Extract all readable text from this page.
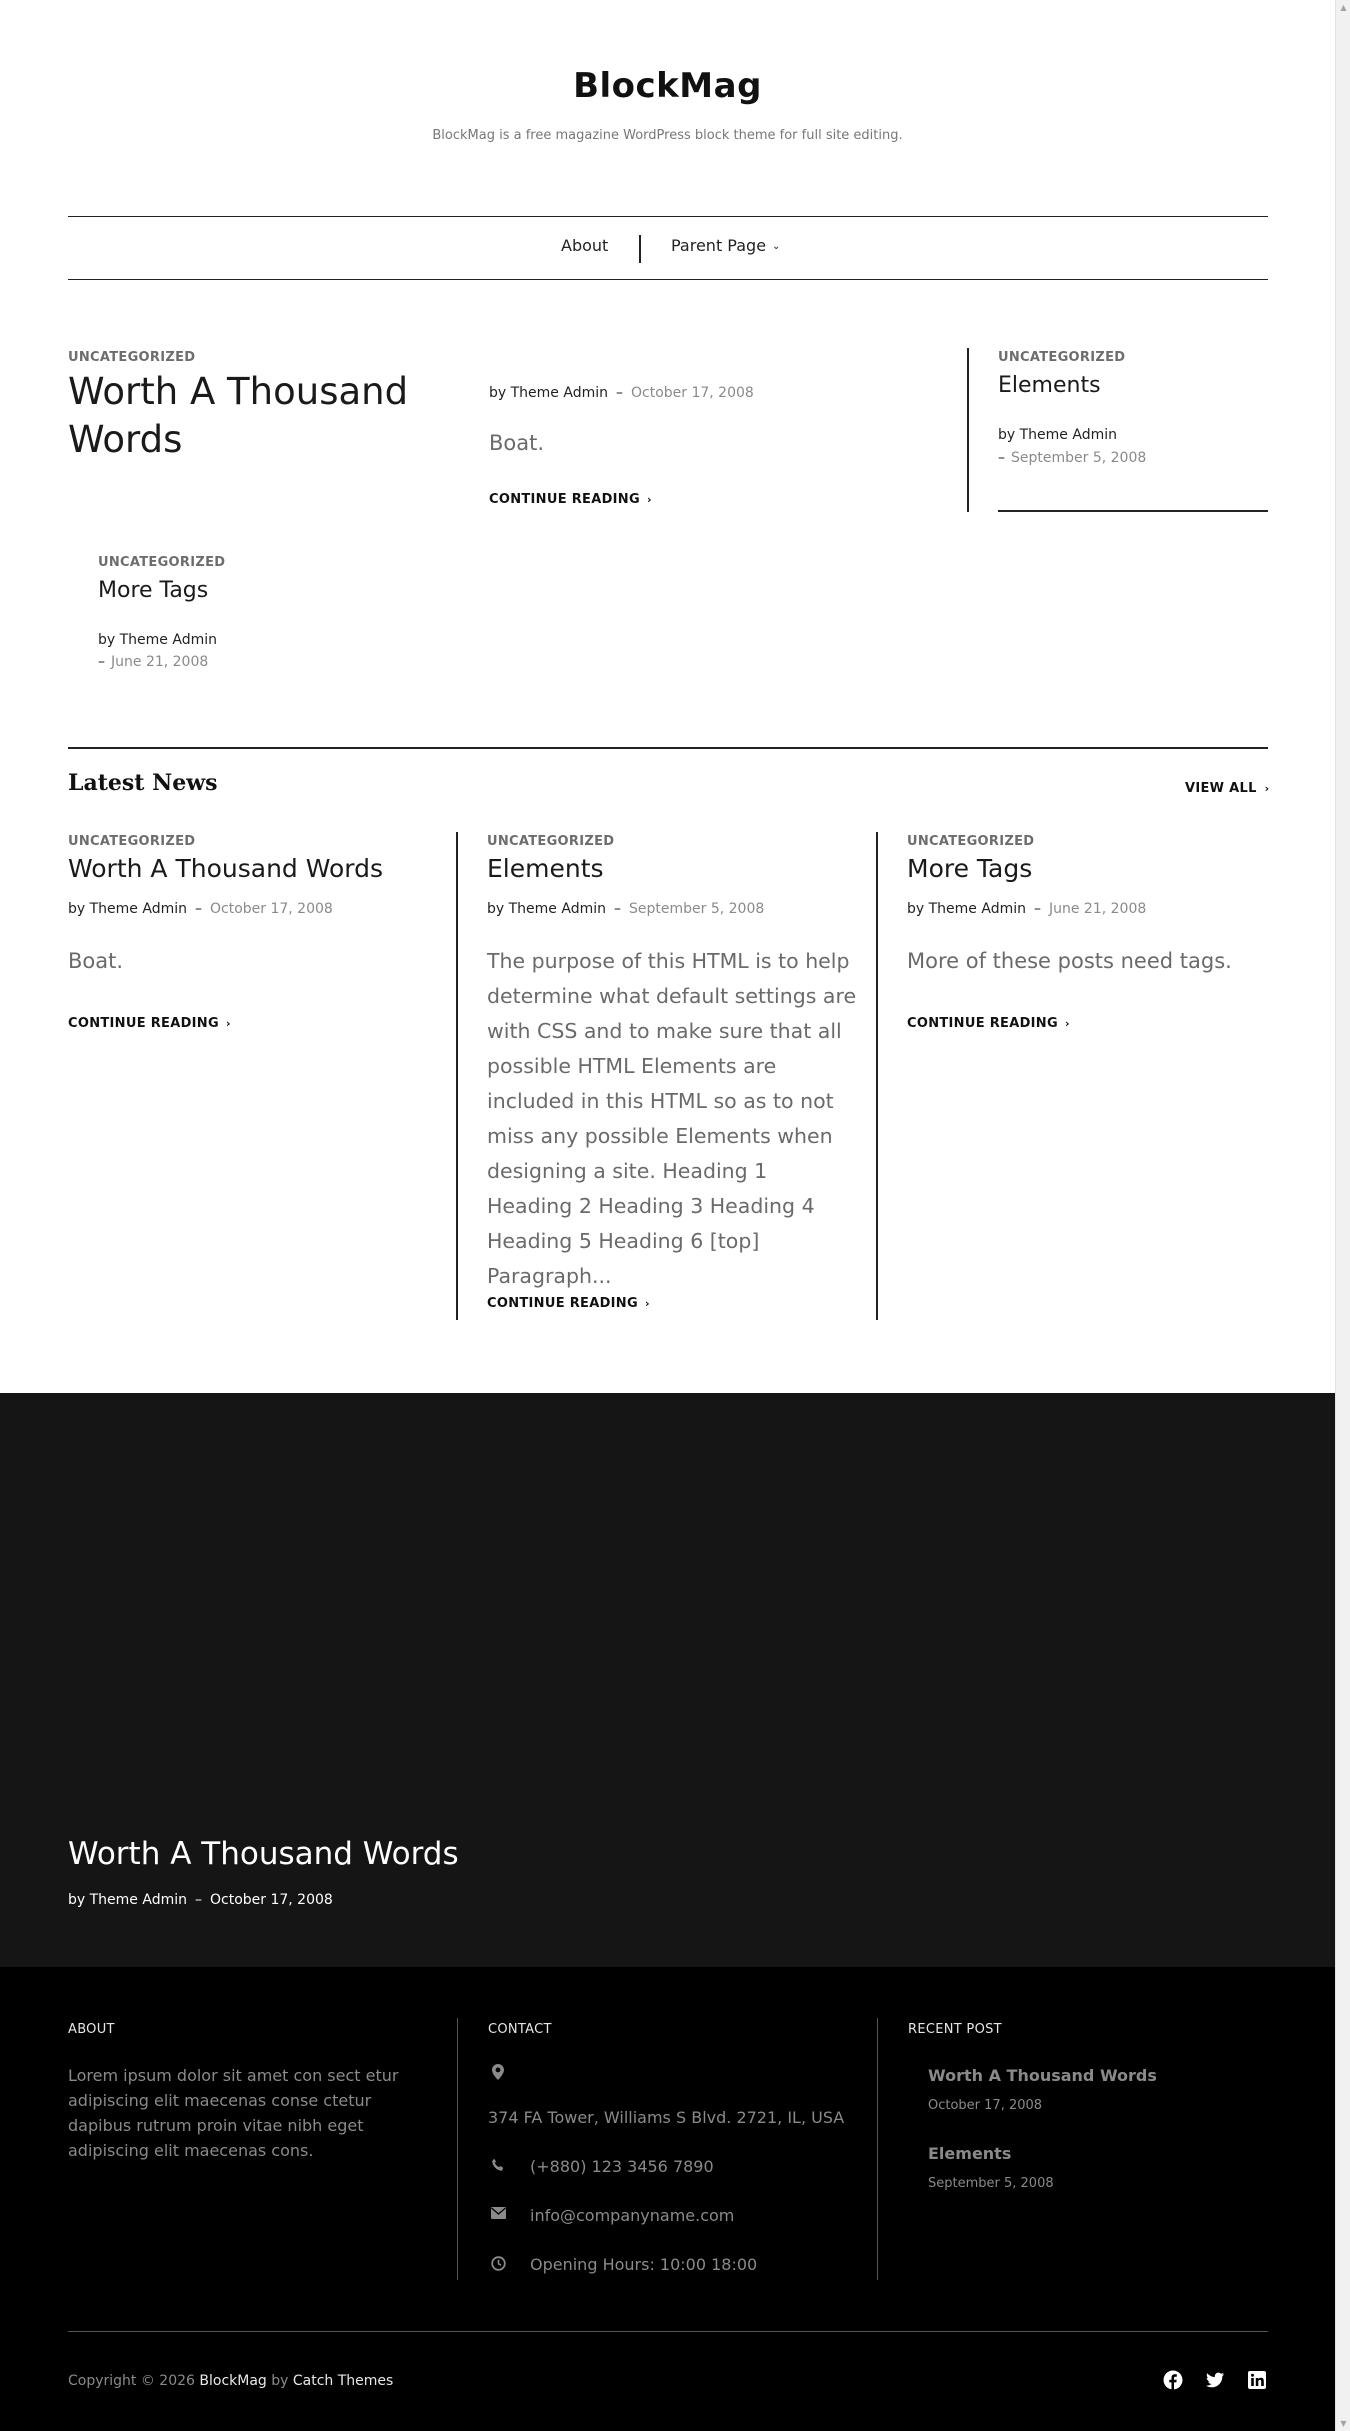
BlockMag
BlockMag is a free magazine WordPress block theme for full site editing.
About	Parent Page ⌄
UNCATEGORIZED
Worth A Thousand Words
by Theme Admin – October 17, 2008
Boat.
CONTINUE READING ›
UNCATEGORIZED
Elements
by Theme Admin
– September 5, 2008
UNCATEGORIZED
More Tags
by Theme Admin
– June 21, 2008
Latest News	VIEW ALL ›
UNCATEGORIZED
Worth A Thousand Words
by Theme Admin – October 17, 2008
Boat.
CONTINUE READING ›
UNCATEGORIZED
Elements
by Theme Admin – September 5, 2008
The purpose of this HTML is to help determine what default settings are with CSS and to make sure that all possible HTML Elements are included in this HTML so as to not miss any possible Elements when designing a site. Heading 1 Heading 2 Heading 3 Heading 4 Heading 5 Heading 6 [top] Paragraph...
CONTINUE READING ›
UNCATEGORIZED
More Tags
by Theme Admin – June 21, 2008
More of these posts need tags.
CONTINUE READING ›
Worth A Thousand Words
by Theme Admin – October 17, 2008
ABOUT
Lorem ipsum dolor sit amet con sect etur adipiscing elit maecenas conse ctetur dapibus rutrum proin vitae nibh eget adipiscing elit maecenas cons.
CONTACT
374 FA Tower, Williams S Blvd. 2721, IL, USA
(+880) 123 3456 7890
info@companyname.com
Opening Hours: 10:00 18:00
RECENT POST
Worth A Thousand Words
October 17, 2008
Elements
September 5, 2008
Copyright © 2026 BlockMag by Catch Themes
▲
▼
